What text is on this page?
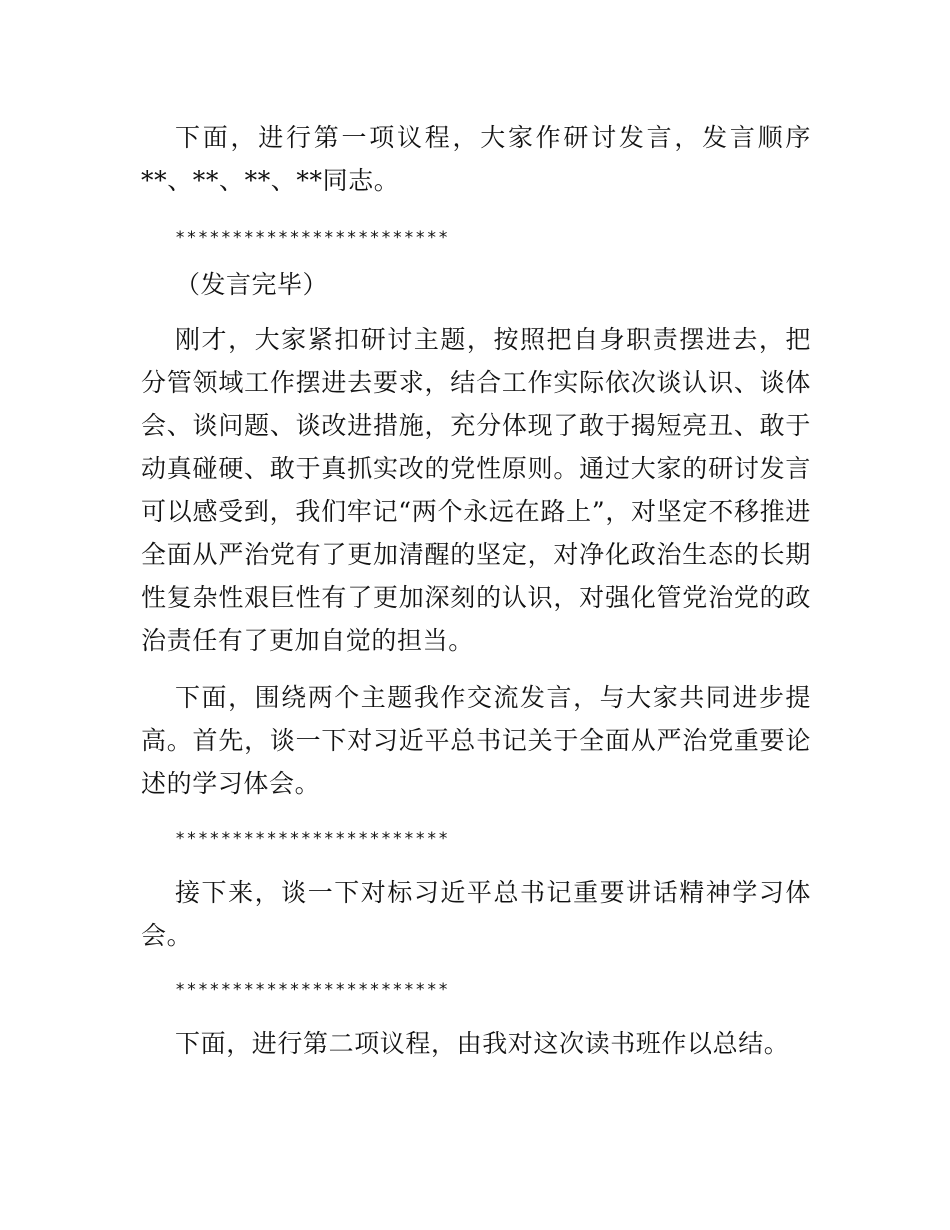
下面，进行第一项议程，大家作研讨发言，发言顺序**、**、**、**同志。

************************

（发言完毕）

刚才，大家紧扣研讨主题，按照把自身职责摆进去，把分管领域工作摆进去要求，结合工作实际依次谈认识、谈体会、谈问题、谈改进措施，充分体现了敢于揭短亮丑、敢于动真碰硬、敢于真抓实改的党性原则。通过大家的研讨发言可以感受到，我们牢记“两个永远在路上”，对坚定不移推进全面从严治党有了更加清醒的坚定，对净化政治生态的长期性复杂性艰巨性有了更加深刻的认识，对强化管党治党的政治责任有了更加自觉的担当。

下面，围绕两个主题我作交流发言，与大家共同进步提高。首先，谈一下对习近平总书记关于全面从严治党重要论述的学习体会。

************************

接下来，谈一下对标习近平总书记重要讲话精神学习体会。

************************

下面，进行第二项议程，由我对这次读书班作以总结。
